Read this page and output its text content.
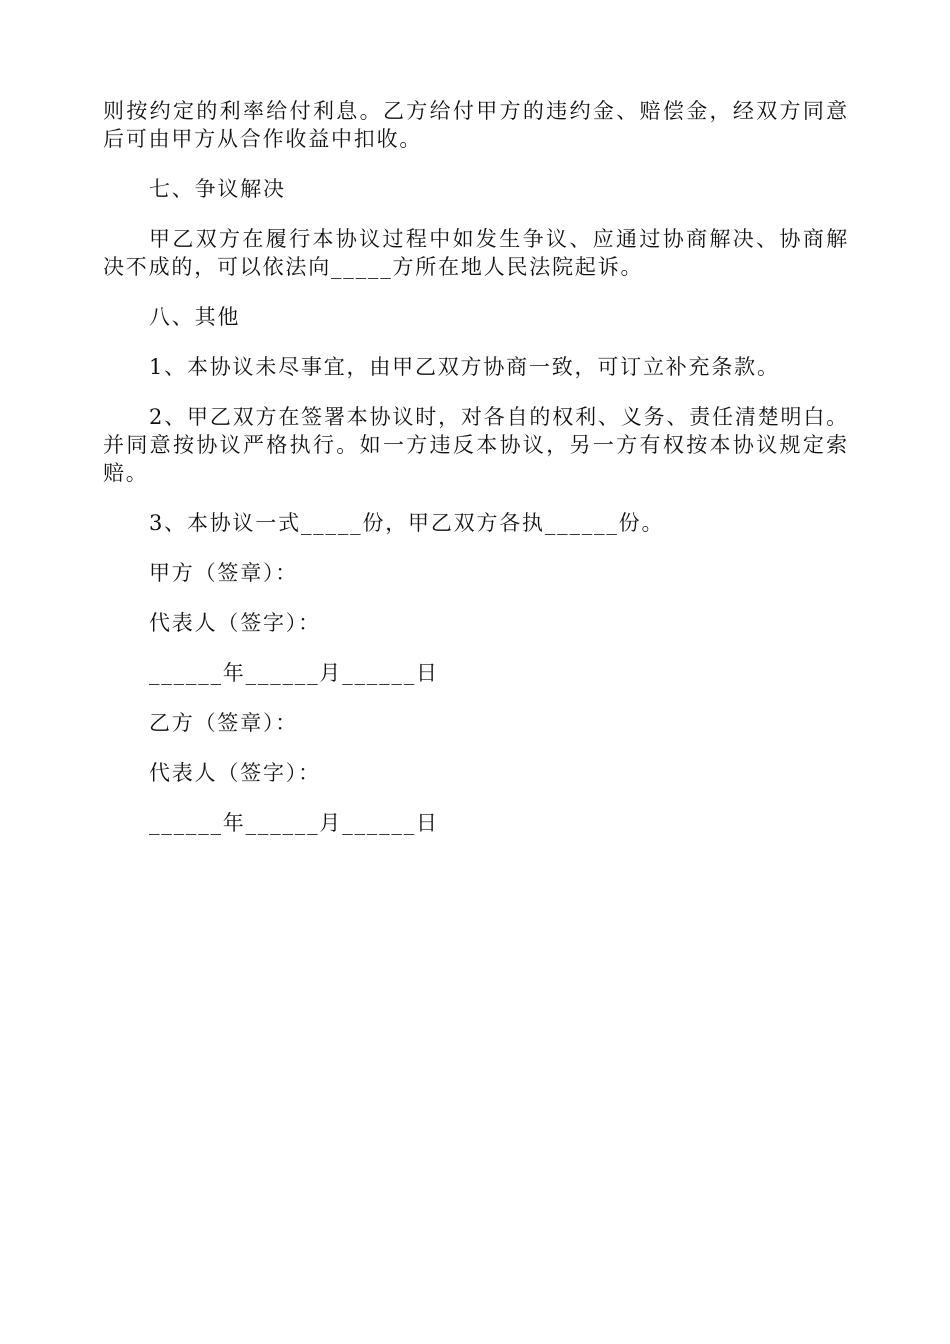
则按约定的利率给付利息。乙方给付甲方的违约金、赔偿金，经双方同意后可由甲方从合作收益中扣收。

七、争议解决

甲乙双方在履行本协议过程中如发生争议、应通过协商解决、协商解决不成的，可以依法向_____方所在地人民法院起诉。

八、其他

1、本协议未尽事宜，由甲乙双方协商一致，可订立补充条款。

2、甲乙双方在签署本协议时，对各自的权利、义务、责任清楚明白。并同意按协议严格执行。如一方违反本协议，另一方有权按本协议规定索赔。

3、本协议一式_____份，甲乙双方各执______份。

甲方（签章）：

代表人（签字）：

______年______月______日

乙方（签章）：

代表人（签字）：

______年______月______日
